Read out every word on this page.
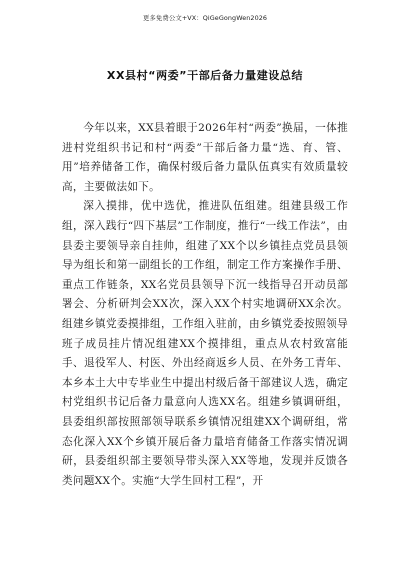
更多免费公文+VX：QiGeGongWen2026
XX县村“两委”干部后备力量建设总结

今年以来，XX县着眼于2026年村“两委”换届，一体推进村党组织书记和村“两委”干部后备力量“选、育、管、用”培养储备工作，确保村级后备力量队伍真实有效质量较高，主要做法如下。

深入摸排，优中选优，推进队伍组建。组建县级工作组，深入践行“四下基层”工作制度，推行“一线工作法”，由县委主要领导亲自挂帅，组建了XX个以乡镇挂点党员县领导为组长和第一副组长的工作组，制定工作方案操作手册、重点工作链条，XX名党员县领导下沉一线指导召开动员部署会、分析研判会XX次，深入XX个村实地调研XX余次。组建乡镇党委摸排组，工作组入驻前，由乡镇党委按照领导班子成员挂片情况组建XX个摸排组，重点从农村致富能手、退役军人、村医、外出经商返乡人员、在外务工青年、本乡本土大中专毕业生中提出村级后备干部建议人选，确定村党组织书记后备力量意向人选XX名。组建乡镇调研组，县委组织部按照部领导联系乡镇情况组建XX个调研组，常态化深入XX个乡镇开展后备力量培育储备工作落实情况调研，县委组织部主要领导带头深入XX等地，发现并反馈各类问题XX个。实施“大学生回村工程”，开
